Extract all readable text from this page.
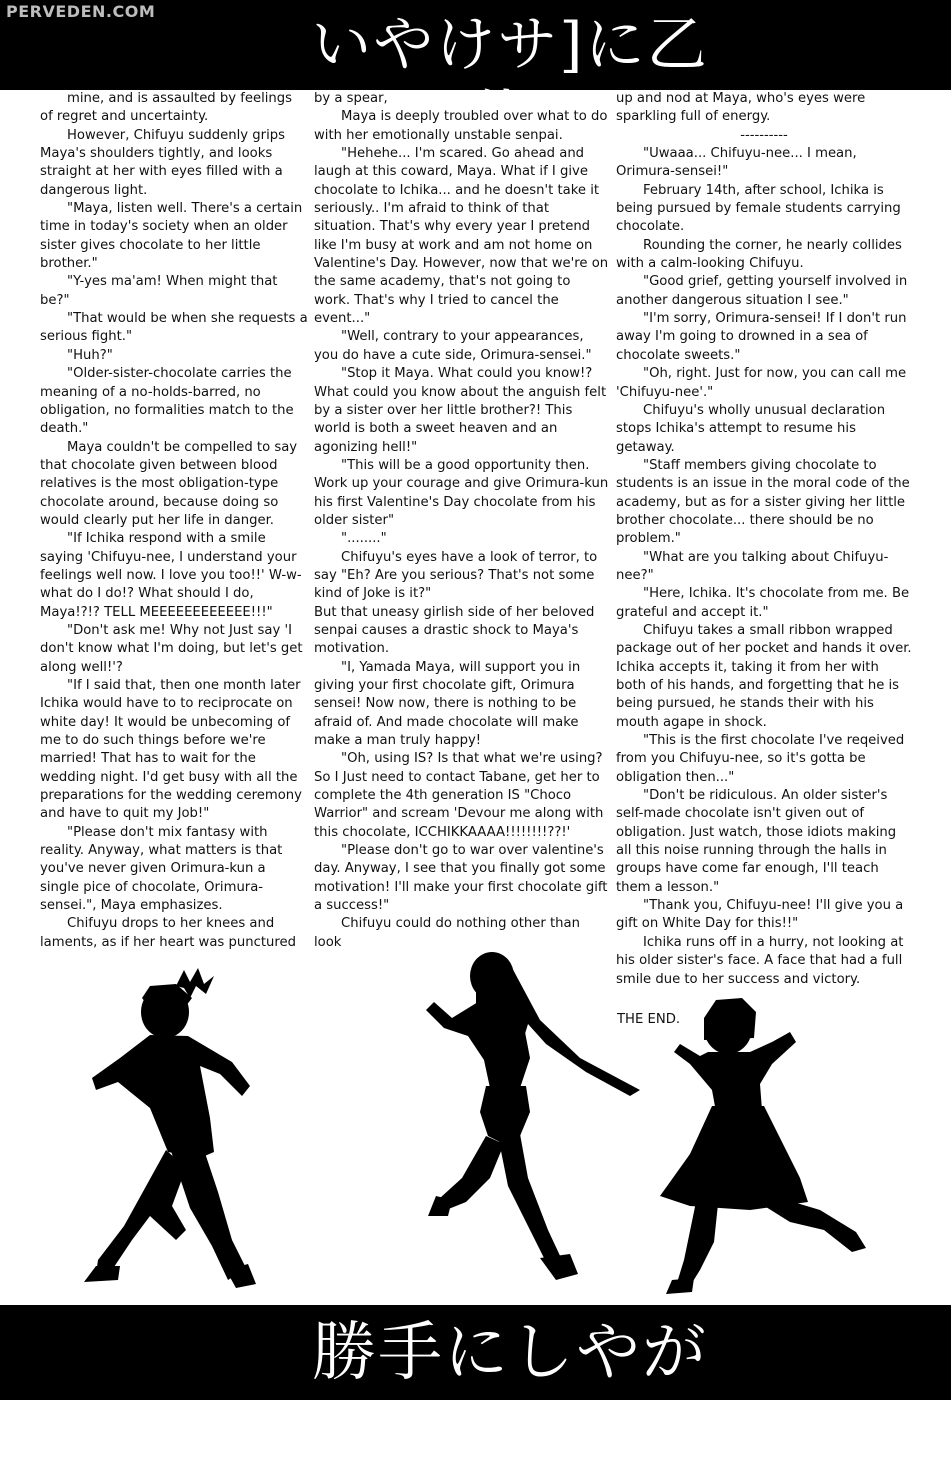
PERVEDEN.COM	いやけサ]に乙潮

mine, and is assaulted by feelings of regret and uncertainty.

However, Chifuyu suddenly grips Maya's shoulders tightly, and looks straight at her with eyes filled with a dangerous light.

"Maya, listen well. There's a certain time in today's society when an older sister gives chocolate to her little brother."

"Y-yes ma'am! When might that be?"

"That would be when she requests a serious fight."

"Huh?"

"Older-sister-chocolate carries the meaning of a no-holds-barred, no obligation, no formalities match to the death."

Maya couldn't be compelled to say that chocolate given between blood relatives is the most obligation-type chocolate around, because doing so would clearly put her life in danger.

"If Ichika respond with a smile saying 'Chifuyu-nee, I understand your feelings well now. I love you too!!' W-w-what do I do!? What should I do, Maya!?!? TELL MEEEEEEEEEEEE!!!"

"Don't ask me! Why not Just say 'I don't know what I'm doing, but let's get along well!'?

"If I said that, then one month later Ichika would have to to reciprocate on white day! It would be unbecoming of me to do such things before we're married! That has to wait for the wedding night. I'd get busy with all the preparations for the wedding ceremony and have to quit my Job!"

"Please don't mix fantasy with reality. Anyway, what matters is that you've never given Orimura-kun a single pice of chocolate, Orimura-sensei.", Maya emphasizes.

Chifuyu drops to her knees and laments, as if her heart was punctured

by a spear,

Maya is deeply troubled over what to do with her emotionally unstable senpai.

"Hehehe... I'm scared. Go ahead and laugh at this coward, Maya. What if I give chocolate to Ichika... and he doesn't take it seriously.. I'm afraid to think of that situation. That's why every year I pretend like I'm busy at work and am not home on Valentine's Day. However, now that we're on the same academy, that's not going to work. That's why I tried to cancel the event..."

"Well, contrary to your appearances, you do have a cute side, Orimura-sensei."

"Stop it Maya. What could you know!? What could you know about the anguish felt by a sister over her little brother?! This world is both a sweet heaven and an agonizing hell!"

"This will be a good opportunity then. Work up your courage and give Orimura-kun his first Valentine's Day chocolate from his older sister"

"........"

Chifuyu's eyes have a look of terror, to say "Eh? Are you serious? That's not some kind of Joke is it?"

But that uneasy girlish side of her beloved senpai causes a drastic shock to Maya's motivation.

"I, Yamada Maya, will support you in giving your first chocolate gift, Orimura sensei! Now now, there is nothing to be afraid of. And made chocolate will make make a man truly happy!

"Oh, using IS? Is that what we're using? So I Just need to contact Tabane, get her to complete the 4th generation IS "Choco Warrior" and scream 'Devour me along with this chocolate, ICCHIKKAAAA!!!!!!!!??!'

"Please don't go to war over valentine's day. Anyway, I see that you finally got some motivation! I'll make your first chocolate gift a success!"

Chifuyu could do nothing other than look

up and nod at Maya, who's eyes were sparkling full of energy.

----------

"Uwaaa... Chifuyu-nee... I mean, Orimura-sensei!"

February 14th, after school, Ichika is being pursued by female students carrying chocolate.

Rounding the corner, he nearly collides with a calm-looking Chifuyu.

"Good grief, getting yourself involved in another dangerous situation I see."

"I'm sorry, Orimura-sensei! If I don't run away I'm going to drowned in a sea of chocolate sweets."

"Oh, right. Just for now, you can call me 'Chifuyu-nee'."

Chifuyu's wholly unusual declaration stops Ichika's attempt to resume his getaway.

"Staff members giving chocolate to students is an issue in the moral code of the academy, but as for a sister giving her little brother chocolate... there should be no problem."

"What are you talking about Chifuyu-nee?"

"Here, Ichika. It's chocolate from me. Be grateful and accept it."

Chifuyu takes a small ribbon wrapped package out of her pocket and hands it over. Ichika accepts it, taking it from her with both of his hands, and forgetting that he is being pursued, he stands their with his mouth agape in shock.

"This is the first chocolate I've reqeived from you Chifuyu-nee, so it's gotta be obligation then..."

"Don't be ridiculous. An older sister's self-made chocolate isn't given out of obligation. Just watch, those idiots making all this noise running through the halls in groups have come far enough, I'll teach them a lesson."

"Thank you, Chifuyu-nee! I'll give you a gift on White Day for this!!"

Ichika runs off in a hurry, not looking at his older sister's face. A face that had a full smile due to her success and victory.

THE END.
勝手にしやがれ
